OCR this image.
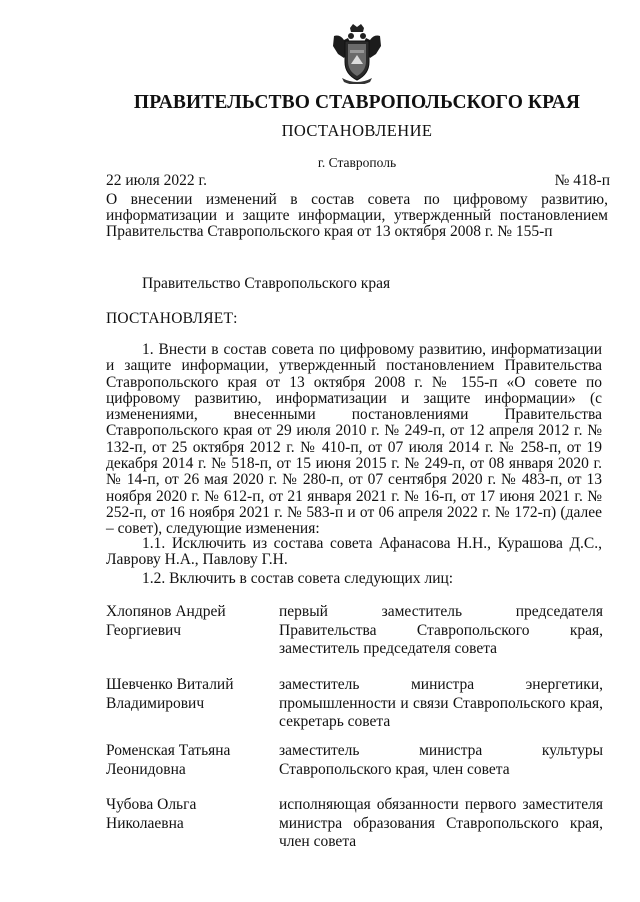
ПРАВИТЕЛЬСТВО СТАВРОПОЛЬСКОГО КРАЯ
ПОСТАНОВЛЕНИЕ
г. Ставрополь
22 июля 2022 г.	№ 418-п
О внесении изменений в состав совета по цифровому развитию, информатизации и защите информации, утвержденный постановлением Правительства Ставропольского края от 13 октября 2008 г. № 155-п
Правительство Ставропольского края
ПОСТАНОВЛЯЕТ:

1. Внести в состав совета по цифровому развитию, информатизации и защите информации, утвержденный постановлением Правительства Ставропольского края от 13 октября 2008 г. № 155-п «О совете по цифровому развитию, информатизации и защите информации» (с изменениями, внесенными постановлениями Правительства Ставропольского края от 29 июля 2010 г. № 249-п, от 12 апреля 2012 г. № 132-п, от 25 октября 2012 г. № 410-п, от 07 июля 2014 г. № 258-п, от 19 декабря 2014 г. № 518-п, от 15 июня 2015 г. № 249-п, от 08 января 2020 г. № 14-п, от 26 мая 2020 г. № 280-п, от 07 сентября 2020 г. № 483-п, от 13 ноября 2020 г. № 612-п, от 21 января 2021 г. № 16-п, от 17 июня 2021 г. № 252-п, от 16 ноября 2021 г. № 583-п и от 06 апреля 2022 г. № 172-п) (далее – совет), следующие изменения:

1.1. Исключить из состава совета Афанасова Н.Н., Курашова Д.С., Лаврову Н.А., Павлову Г.Н.

1.2. Включить в состав совета следующих лиц:
Хлопянов Андрей Георгиевич
первый заместитель председателя Правительства Ставропольского края, заместитель председателя совета
Шевченко Виталий Владимирович
заместитель министра энергетики, промышленности и связи Ставропольского края, секретарь совета
Роменская Татьяна Леонидовна
заместитель министра культуры Ставропольского края, член совета
Чубова Ольга Николаевна
исполняющая обязанности первого заместителя министра образования Ставропольского края, член совета
